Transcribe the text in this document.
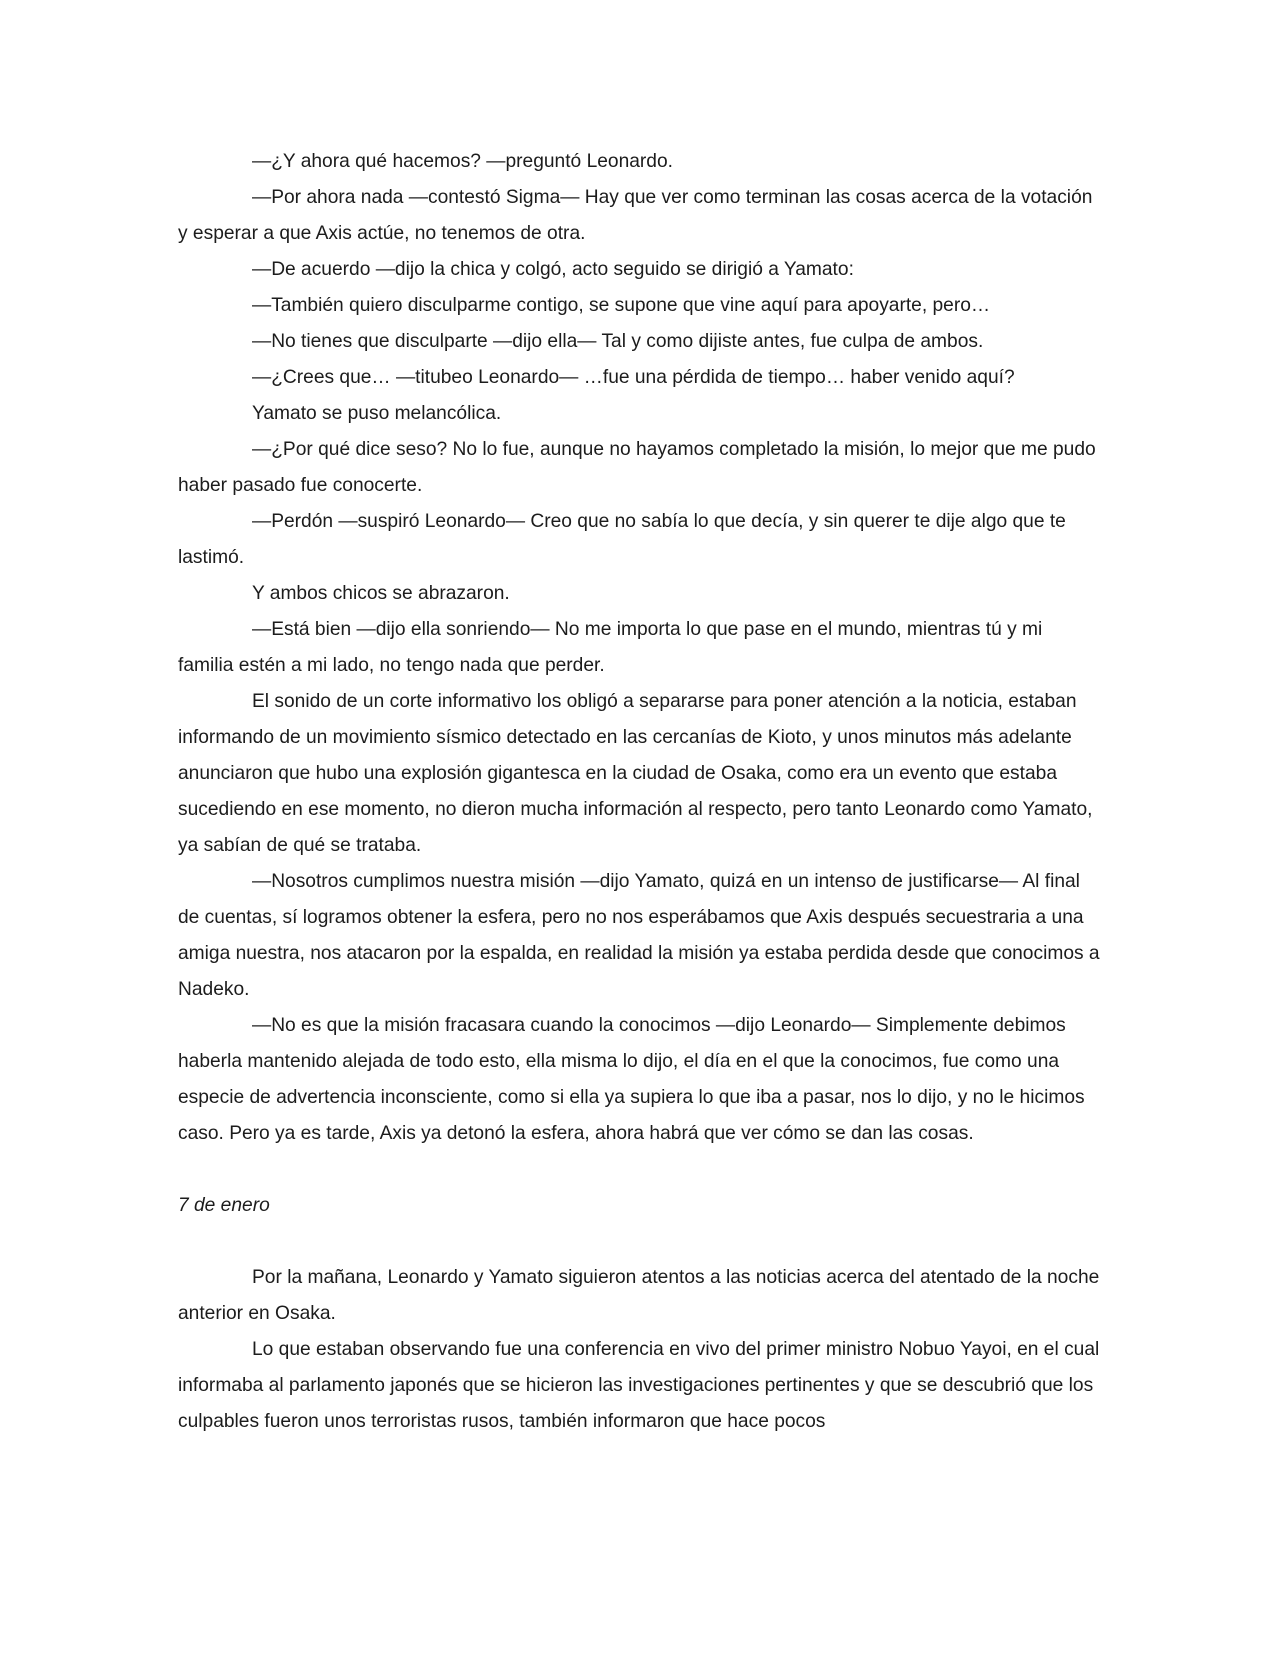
—¿Y ahora qué hacemos? —preguntó Leonardo.

—Por ahora nada —contestó Sigma— Hay que ver como terminan las cosas acerca de la votación y esperar a que Axis actúe, no tenemos de otra.

—De acuerdo —dijo la chica y colgó, acto seguido se dirigió a Yamato:

—También quiero disculparme contigo, se supone que vine aquí para apoyarte, pero…

—No tienes que disculparte —dijo ella— Tal y como dijiste antes, fue culpa de ambos.

—¿Crees que… —titubeo Leonardo— …fue una pérdida de tiempo… haber venido aquí?

Yamato se puso melancólica.

—¿Por qué dice seso? No lo fue, aunque no hayamos completado la misión, lo mejor que me pudo haber pasado fue conocerte.

—Perdón —suspiró Leonardo— Creo que no sabía lo que decía, y sin querer te dije algo que te lastimó.

Y ambos chicos se abrazaron.

—Está bien —dijo ella sonriendo— No me importa lo que pase en el mundo, mientras tú y mi familia estén a mi lado, no tengo nada que perder.

El sonido de un corte informativo los obligó a separarse para poner atención a la noticia, estaban informando de un movimiento sísmico detectado en las cercanías de Kioto, y unos minutos más adelante anunciaron que hubo una explosión gigantesca en la ciudad de Osaka, como era un evento que estaba sucediendo en ese momento, no dieron mucha información al respecto, pero tanto Leonardo como Yamato, ya sabían de qué se trataba.

—Nosotros cumplimos nuestra misión —dijo Yamato, quizá en un intenso de justificarse— Al final de cuentas, sí logramos obtener la esfera, pero no nos esperábamos que Axis después secuestraria a una amiga nuestra, nos atacaron por la espalda, en realidad la misión ya estaba perdida desde que conocimos a Nadeko.

—No es que la misión fracasara cuando la conocimos —dijo Leonardo— Simplemente debimos haberla mantenido alejada de todo esto, ella misma lo dijo, el día en el que la conocimos, fue como una especie de advertencia inconsciente, como si ella ya supiera lo que iba a pasar, nos lo dijo, y no le hicimos caso. Pero ya es tarde, Axis ya detonó la esfera, ahora habrá que ver cómo se dan las cosas.

7 de enero

Por la mañana, Leonardo y Yamato siguieron atentos a las noticias acerca del atentado de la noche anterior en Osaka.

Lo que estaban observando fue una conferencia en vivo del primer ministro Nobuo Yayoi, en el cual informaba al parlamento japonés que se hicieron las investigaciones pertinentes y que se descubrió que los culpables fueron unos terroristas rusos, también informaron que hace pocos
